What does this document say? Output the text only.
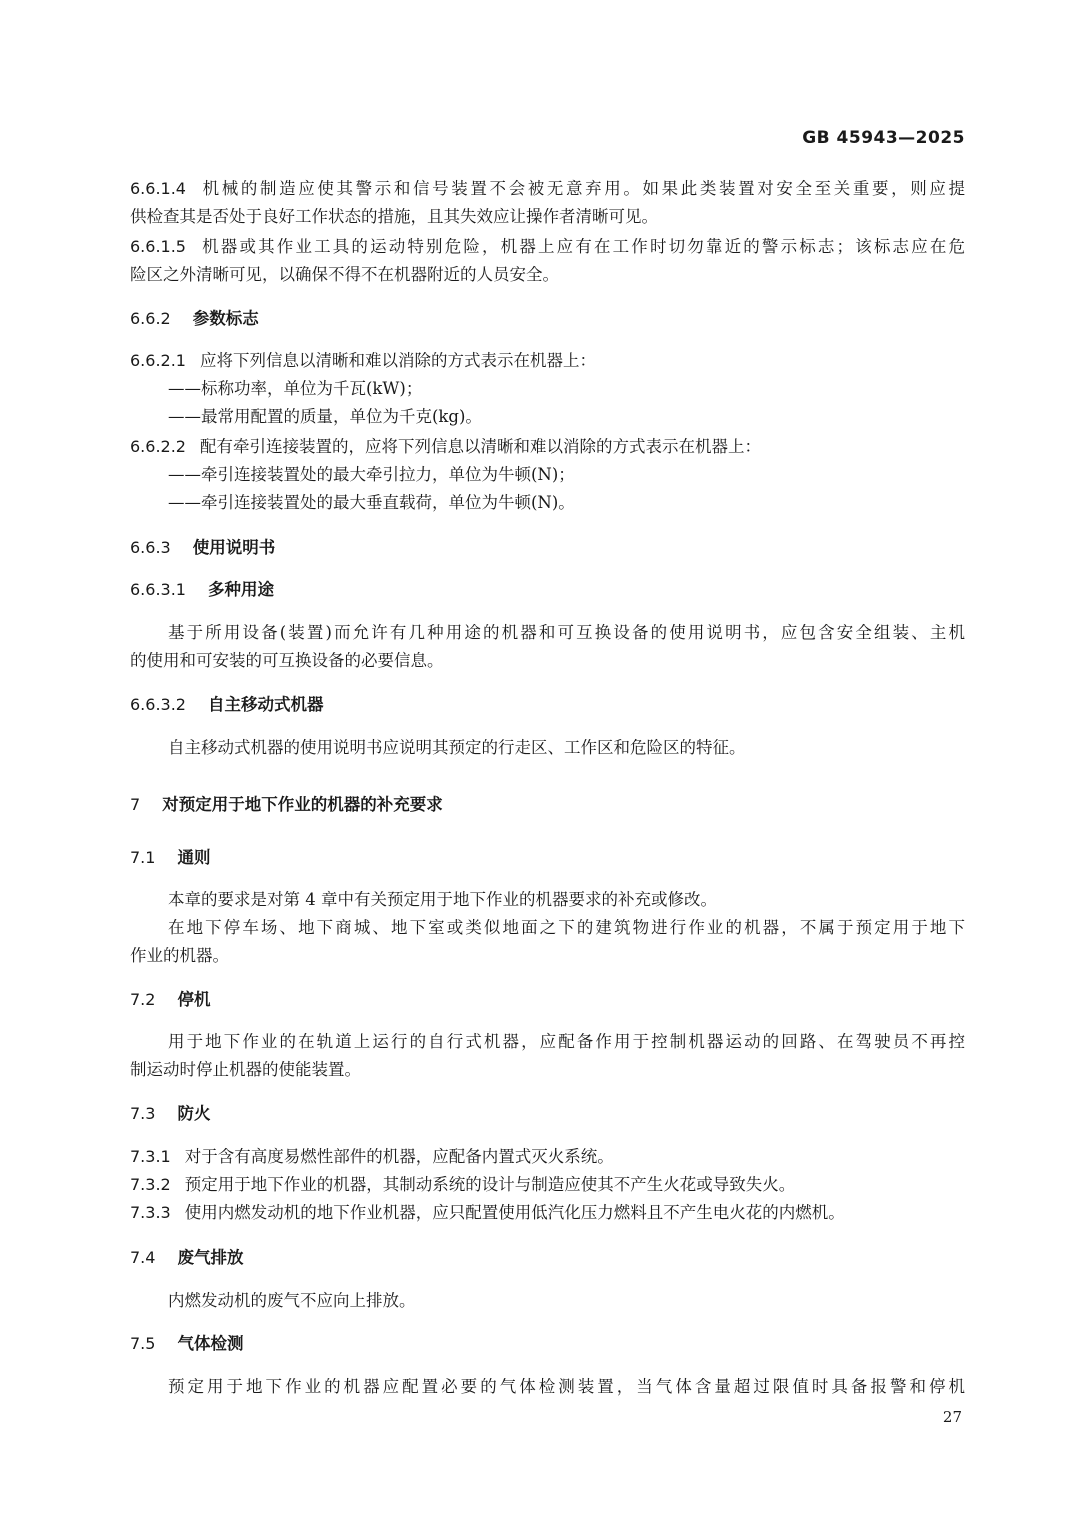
GB 45943—2025
6.6.1.4 机械的制造应使其警示和信号装置不会被无意弃用。如果此类装置对安全至关重要，则应提
供检查其是否处于良好工作状态的措施，且其失效应让操作者清晰可见。
6.6.1.5 机器或其作业工具的运动特别危险，机器上应有在工作时切勿靠近的警示标志；该标志应在危
险区之外清晰可见，以确保不得不在机器附近的人员安全。
6.6.2 参数标志
6.6.2.1 应将下列信息以清晰和难以消除的方式表示在机器上：
——标称功率，单位为千瓦(kW)；
——最常用配置的质量，单位为千克(kg)。
6.6.2.2 配有牵引连接装置的，应将下列信息以清晰和难以消除的方式表示在机器上：
——牵引连接装置处的最大牵引拉力，单位为牛顿(N)；
——牵引连接装置处的最大垂直载荷，单位为牛顿(N)。
6.6.3 使用说明书
6.6.3.1 多种用途
基于所用设备(装置)而允许有几种用途的机器和可互换设备的使用说明书，应包含安全组装、主机
的使用和可安装的可互换设备的必要信息。
6.6.3.2 自主移动式机器
自主移动式机器的使用说明书应说明其预定的行走区、工作区和危险区的特征。
7 对预定用于地下作业的机器的补充要求
7.1 通则
本章的要求是对第 4 章中有关预定用于地下作业的机器要求的补充或修改。
在地下停车场、地下商城、地下室或类似地面之下的建筑物进行作业的机器，不属于预定用于地下
作业的机器。
7.2 停机
用于地下作业的在轨道上运行的自行式机器，应配备作用于控制机器运动的回路、在驾驶员不再控
制运动时停止机器的使能装置。
7.3 防火
7.3.1 对于含有高度易燃性部件的机器，应配备内置式灭火系统。
7.3.2 预定用于地下作业的机器，其制动系统的设计与制造应使其不产生火花或导致失火。
7.3.3 使用内燃发动机的地下作业机器，应只配置使用低汽化压力燃料且不产生电火花的内燃机。
7.4 废气排放
内燃发动机的废气不应向上排放。
7.5 气体检测
预定用于地下作业的机器应配置必要的气体检测装置，当气体含量超过限值时具备报警和停机
27
